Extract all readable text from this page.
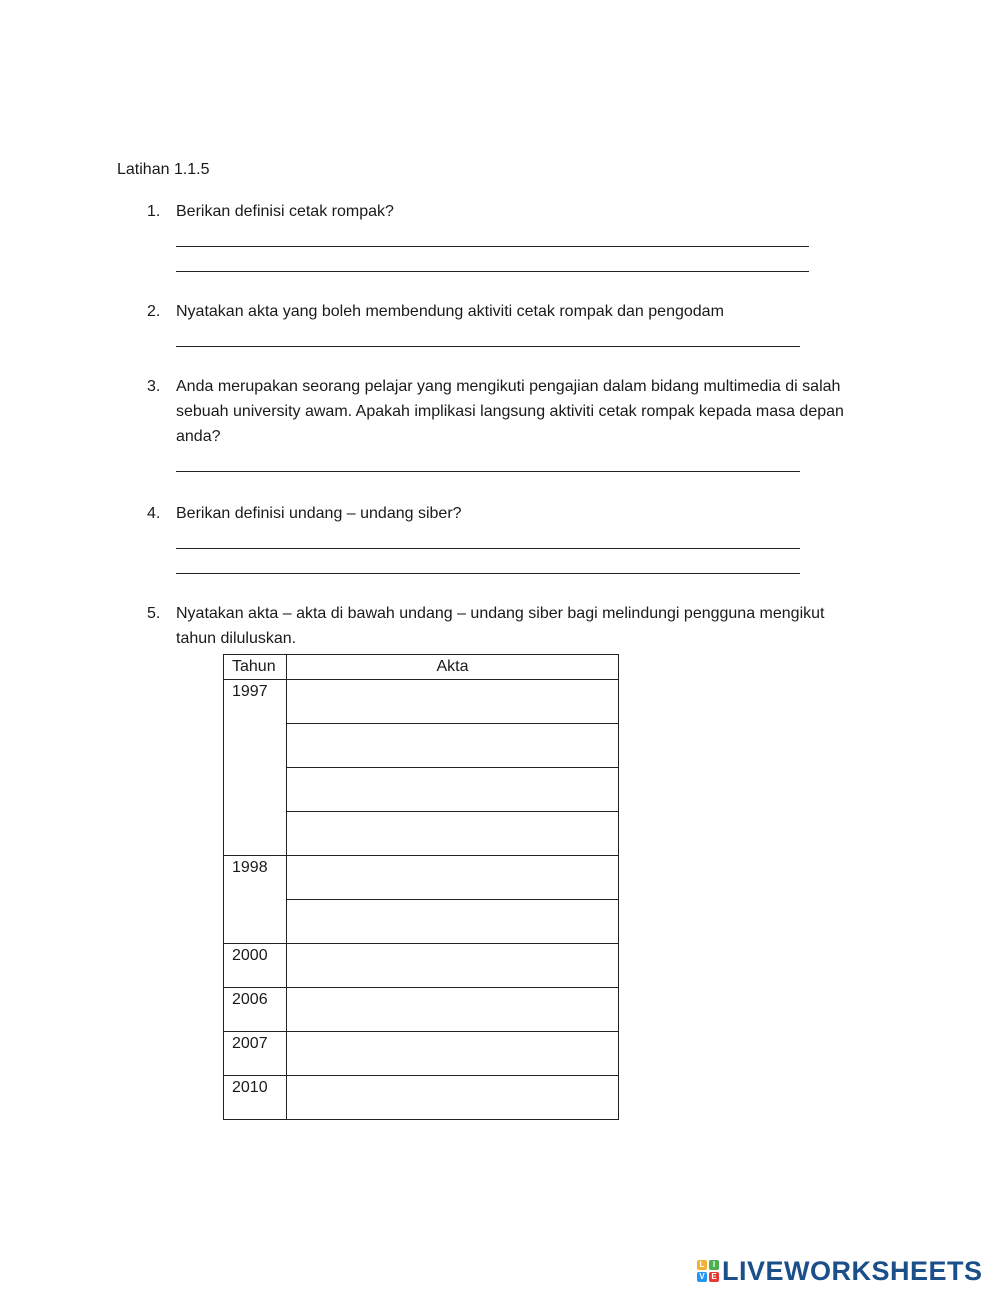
Latihan 1.1.5
1. Berikan definisi cetak rompak?
2. Nyatakan akta yang boleh membendung aktiviti cetak rompak dan pengodam
3. Anda merupakan seorang pelajar yang mengikuti pengajian dalam bidang multimedia di salah
sebuah university awam. Apakah implikasi langsung aktiviti cetak rompak kepada masa depan
anda?
4. Berikan definisi undang – undang siber?
5. Nyatakan akta – akta di bawah undang – undang siber bagi melindungi pengguna mengikut
tahun diluluskan.
Tahun	Akta
1997	

1998	

2000	
2006	
2007	
2010	
L	I
V E LIVEWORKSHEETS
